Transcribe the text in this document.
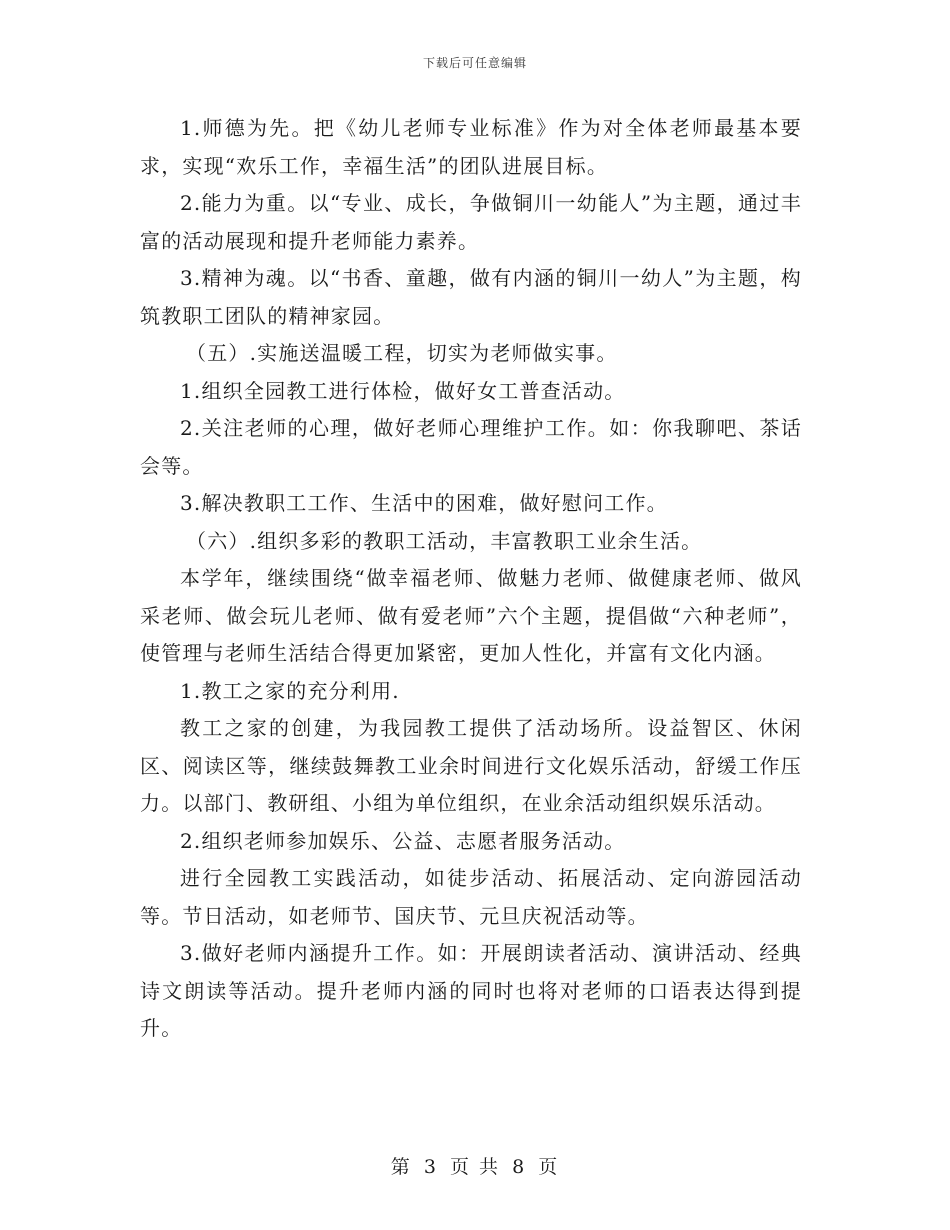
下载后可任意编辑

1.师德为先。把《幼儿老师专业标准》作为对全体老师最基本要求，实现“欢乐工作，幸福生活”的团队进展目标。

2.能力为重。以“专业、成长，争做铜川一幼能人”为主题，通过丰富的活动展现和提升老师能力素养。

3.精神为魂。以“书香、童趣，做有内涵的铜川一幼人”为主题，构筑教职工团队的精神家园。

（五）.实施送温暖工程，切实为老师做实事。

1.组织全园教工进行体检，做好女工普查活动。

2.关注老师的心理，做好老师心理维护工作。如：你我聊吧、茶话会等。

3.解决教职工工作、生活中的困难，做好慰问工作。

（六）.组织多彩的教职工活动，丰富教职工业余生活。

本学年，继续围绕“做幸福老师、做魅力老师、做健康老师、做风采老师、做会玩儿老师、做有爱老师”六个主题，提倡做“六种老师”，使管理与老师生活结合得更加紧密，更加人性化，并富有文化内涵。

1.教工之家的充分利用.

教工之家的创建，为我园教工提供了活动场所。设益智区、休闲区、阅读区等，继续鼓舞教工业余时间进行文化娱乐活动，舒缓工作压力。以部门、教研组、小组为单位组织，在业余活动组织娱乐活动。

2.组织老师参加娱乐、公益、志愿者服务活动。

进行全园教工实践活动，如徒步活动、拓展活动、定向游园活动等。节日活动，如老师节、国庆节、元旦庆祝活动等。

3.做好老师内涵提升工作。如：开展朗读者活动、演讲活动、经典诗文朗读等活动。提升老师内涵的同时也将对老师的口语表达得到提升。

第 3 页 共 8 页
